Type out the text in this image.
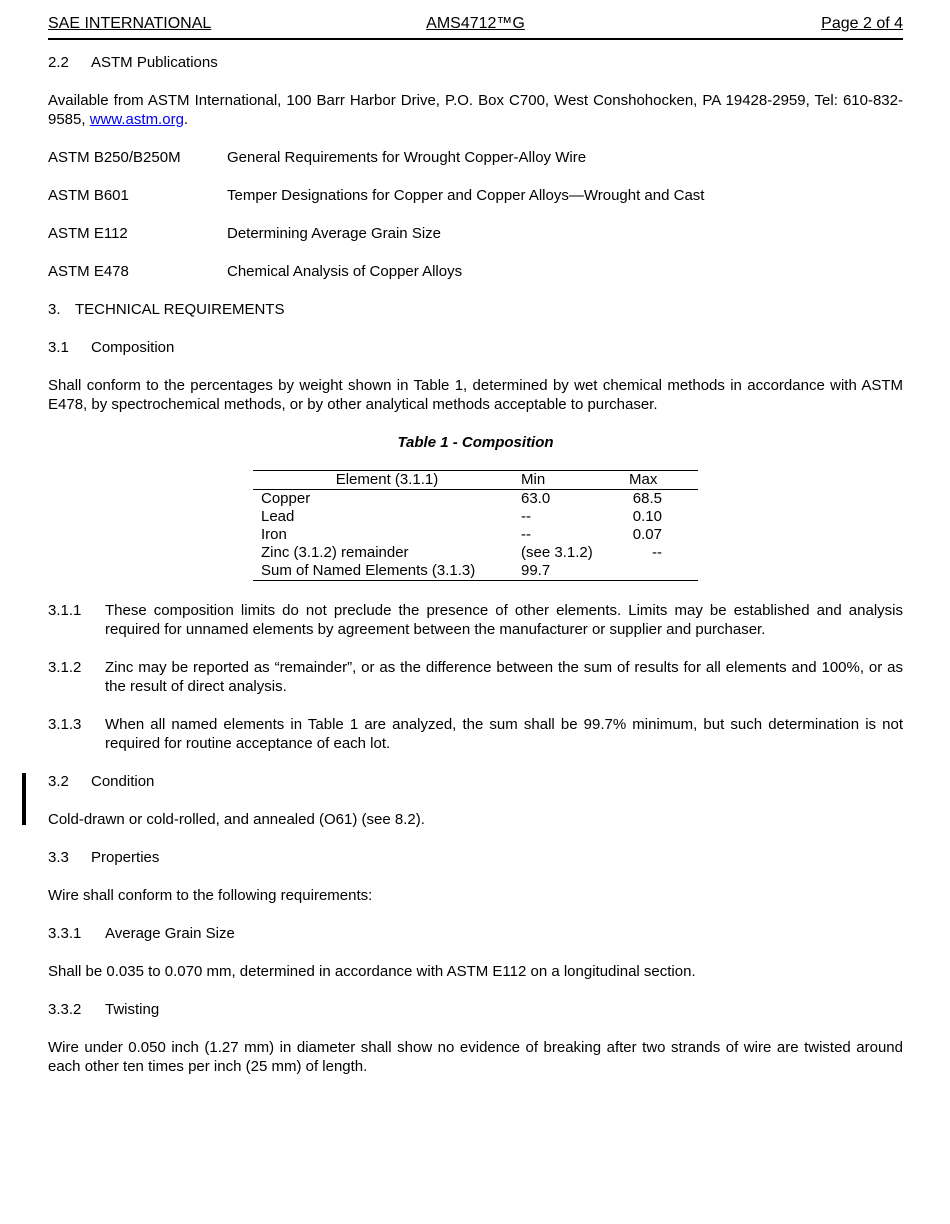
SAE INTERNATIONAL	AMS4712™G	Page 2 of 4
2.2	ASTM Publications

Available from ASTM International, 100 Barr Harbor Drive, P.O. Box C700, West Conshohocken, PA 19428-2959, Tel: 610-832-9585, www.astm.org.

ASTM B250/B250M	General Requirements for Wrought Copper-Alloy Wire
ASTM B601	Temper Designations for Copper and Copper Alloys—Wrought and Cast
ASTM E112	Determining Average Grain Size
ASTM E478	Chemical Analysis of Copper Alloys
3. TECHNICAL REQUIREMENTS
3.1	Composition

Shall conform to the percentages by weight shown in Table 1, determined by wet chemical methods in accordance with ASTM E478, by spectrochemical methods, or by other analytical methods acceptable to purchaser.

Table 1 - Composition

Element (3.1.1)	Min	Max
Copper	63.0	68.5
Lead	--	0.10
Iron	--	0.07
Zinc (3.1.2) remainder	(see 3.1.2)	--
Sum of Named Elements (3.1.3)	99.7	
3.1.1	These composition limits do not preclude the presence of other elements. Limits may be established and analysis required for unnamed elements by agreement between the manufacturer or supplier and purchaser.
3.1.2	Zinc may be reported as “remainder”, or as the difference between the sum of results for all elements and 100%, or as the result of direct analysis.
3.1.3	When all named elements in Table 1 are analyzed, the sum shall be 99.7% minimum, but such determination is not required for routine acceptance of each lot.
3.2	Condition

Cold-drawn or cold-rolled, and annealed (O61) (see 8.2).

3.3	Properties

Wire shall conform to the following requirements:

3.3.1	Average Grain Size

Shall be 0.035 to 0.070 mm, determined in accordance with ASTM E112 on a longitudinal section.

3.3.2	Twisting

Wire under 0.050 inch (1.27 mm) in diameter shall show no evidence of breaking after two strands of wire are twisted around each other ten times per inch (25 mm) of length.
